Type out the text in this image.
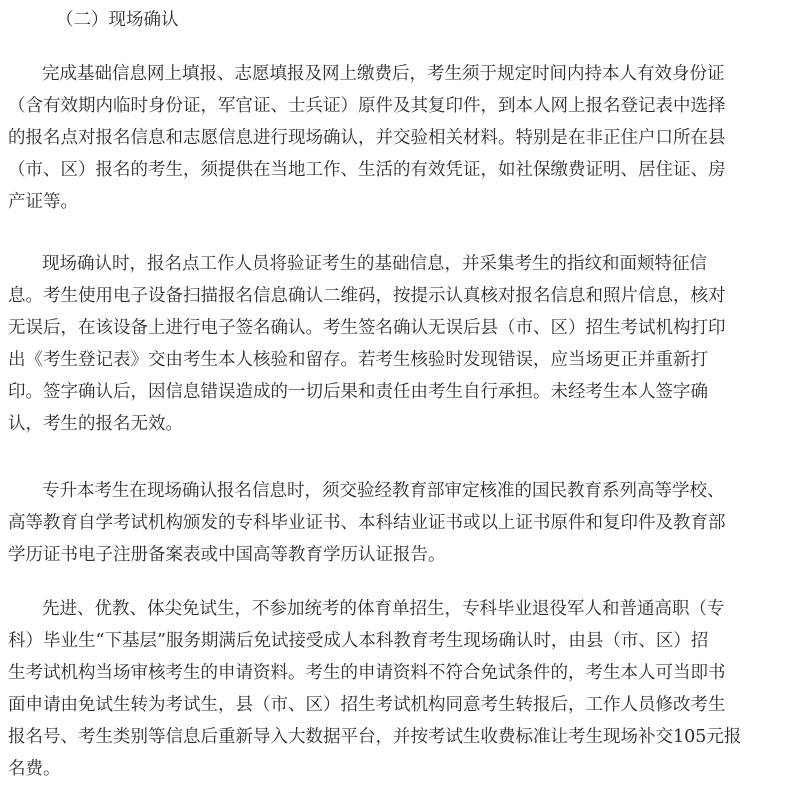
（二）现场确认
完成基础信息网上填报、志愿填报及网上缴费后，考生须于规定时间内持本人有效身份证
（含有效期内临时身份证，军官证、士兵证）原件及其复印件，到本人网上报名登记表中选择
的报名点对报名信息和志愿信息进行现场确认，并交验相关材料。特别是在非正住户口所在县
（市、区）报名的考生，须提供在当地工作、生活的有效凭证，如社保缴费证明、居住证、房
产证等。
现场确认时，报名点工作人员将验证考生的基础信息，并采集考生的指纹和面颊特征信
息。考生使用电子设备扫描报名信息确认二维码，按提示认真核对报名信息和照片信息，核对
无误后，在该设备上进行电子签名确认。考生签名确认无误后县（市、区）招生考试机构打印
出《考生登记表》交由考生本人核验和留存。若考生核验时发现错误，应当场更正并重新打
印。签字确认后，因信息错误造成的一切后果和责任由考生自行承担。未经考生本人签字确
认，考生的报名无效。
专升本考生在现场确认报名信息时，须交验经教育部审定核准的国民教育系列高等学校、
高等教育自学考试机构颁发的专科毕业证书、本科结业证书或以上证书原件和复印件及教育部
学历证书电子注册备案表或中国高等教育学历认证报告。
先进、优教、体尖免试生，不参加统考的体育单招生，专科毕业退役军人和普通高职（专
科）毕业生“下基层”服务期满后免试接受成人本科教育考生现场确认时，由县（市、区）招
生考试机构当场审核考生的申请资料。考生的申请资料不符合免试条件的，考生本人可当即书
面申请由免试生转为考试生，县（市、区）招生考试机构同意考生转报后，工作人员修改考生
报名号、考生类别等信息后重新导入大数据平台，并按考试生收费标准让考生现场补交105元报
名费。
